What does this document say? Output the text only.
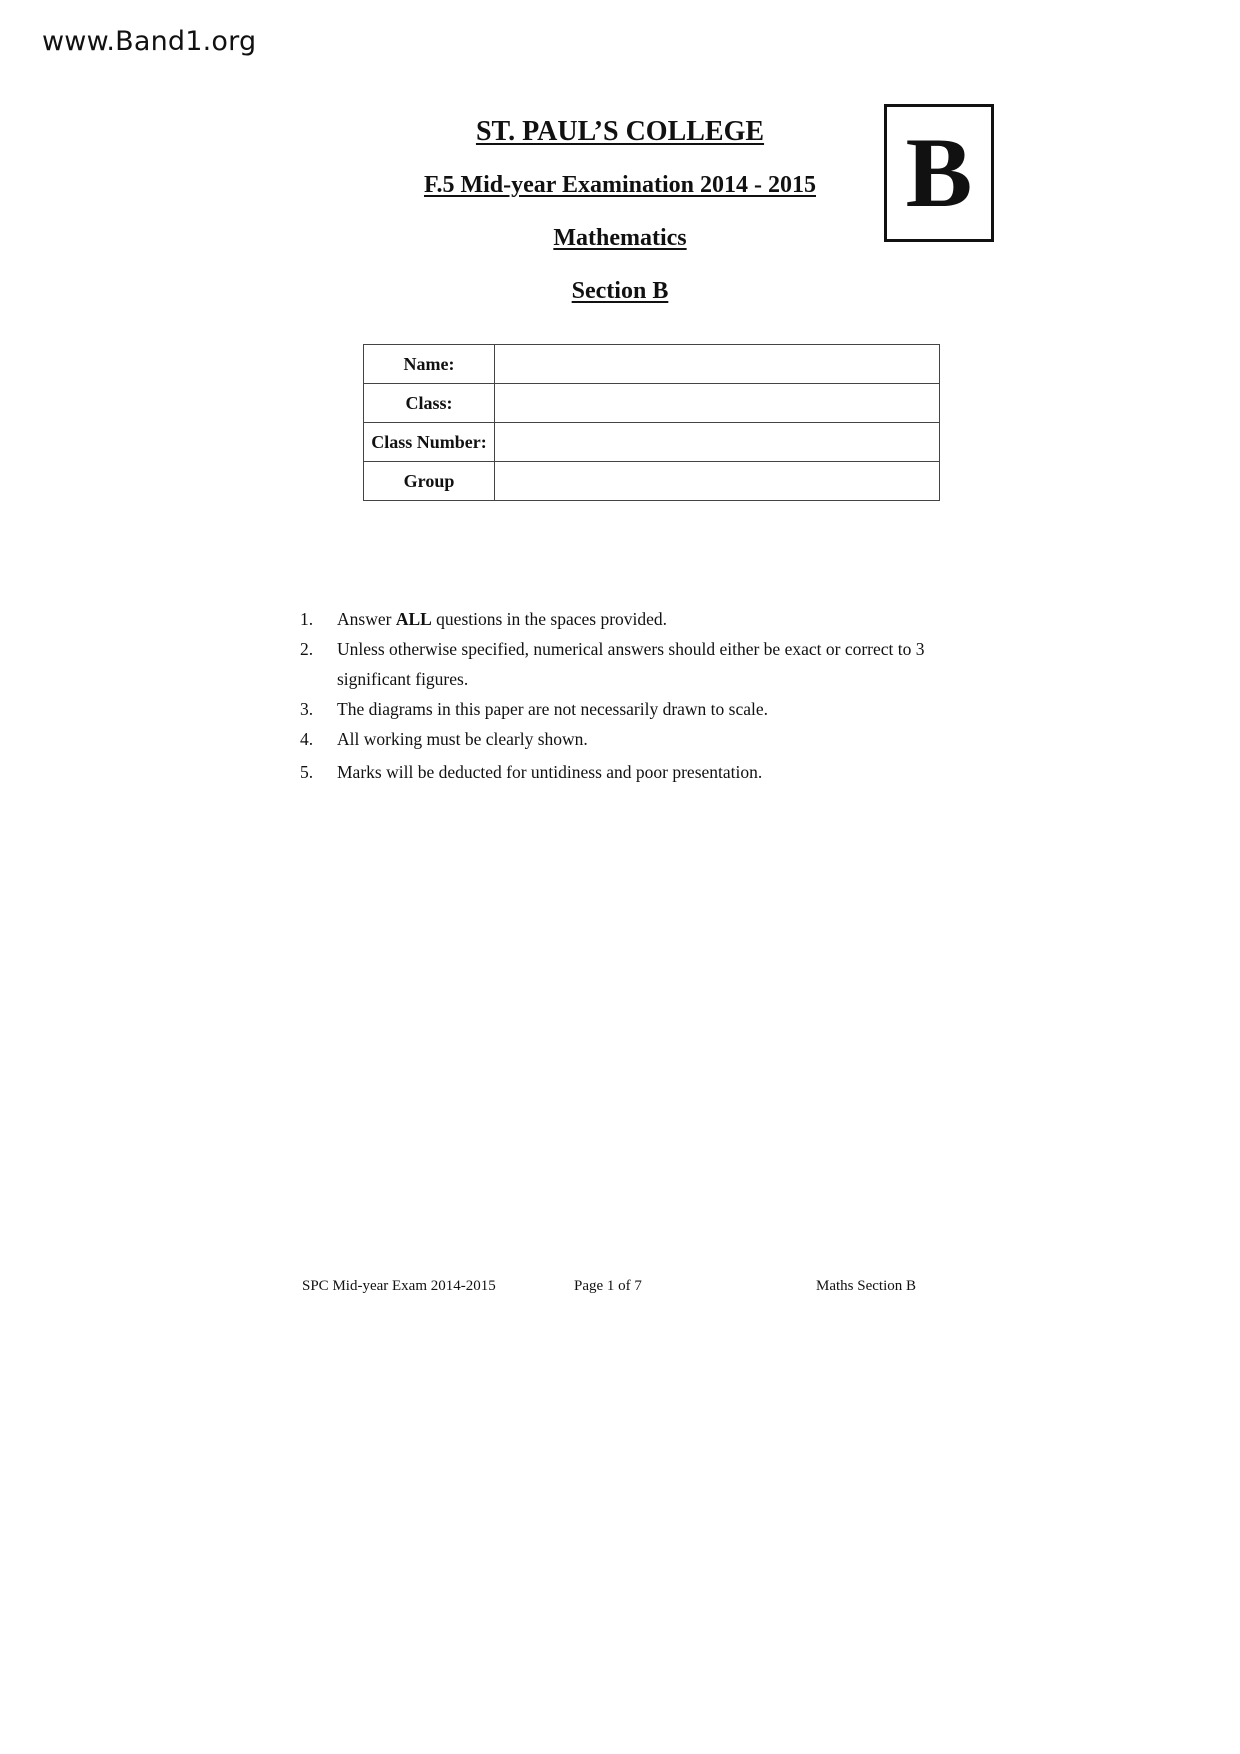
www.Band1.org
ST. PAUL’S COLLEGE
F.5 Mid-year Examination 2014 - 2015
Mathematics
Section B
B
Name:	
Class:	
Class Number:	
Group	
1. Answer ALL questions in the spaces provided.
2. Unless otherwise specified, numerical answers should either be exact or correct to 3 significant figures.
3. The diagrams in this paper are not necessarily drawn to scale.
4. All working must be clearly shown.
5. Marks will be deducted for untidiness and poor presentation.
SPC Mid-year Exam 2014-2015	Page 1 of 7	Maths Section B
